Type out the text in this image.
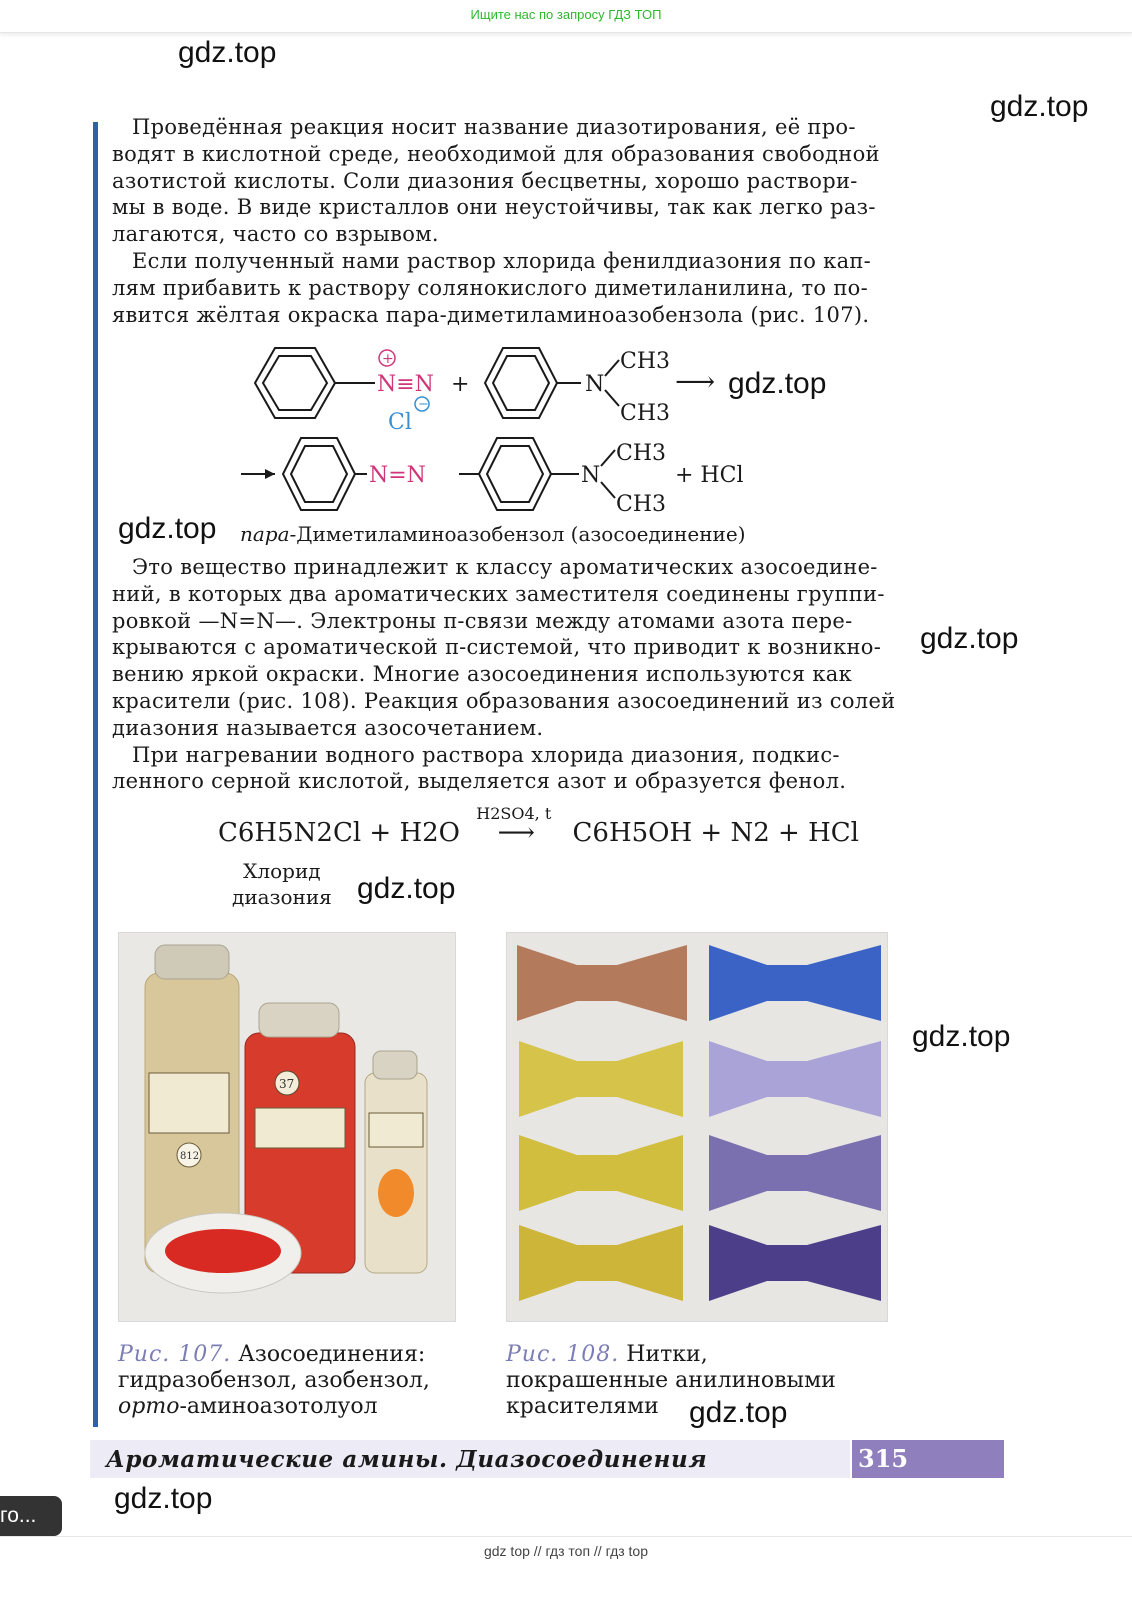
Ищите нас по запросу ГДЗ ТОП
gdz.top
gdz.top
gdz.top
gdz.top
gdz.top
gdz.top
gdz.top
gdz.top
gdz.top
Проведённая реакция носит название диазотирования, её про-
водят в кислотной среде, необходимой для образования свободной
азотистой кислоты. Соли диазония бесцветны, хорошо раствори-
мы в воде. В виде кристаллов они неустойчивы, так как легко раз-
лагаются, часто со взрывом.
Если полученный нами раствор хлорида фенилдиазония по кап-
лям прибавить к раствору солянокислого диметиланилина, то по-
явится жёлтая окраска пара-диметиламиноазобензола (рис. 107).
+
−
N≡N
Cl
+	N
CH3
CH3
⟶
N=N	N
CH3
CH3
+ HCl
пара-Диметиламиноазобензол (азосоединение)
Это вещество принадлежит к классу ароматических азосоедине-
ний, в которых два ароматических заместителя соединены группи-
ровкой —N=N—. Электроны π-связи между атомами азота пере-
крываются с ароматической π-системой, что приводит к возникно-
вению яркой окраски. Многие азосоединения используются как
красители (рис. 108). Реакция образования азосоединений из солей
диазония называется азосочетанием.
При нагревании водного раствора хлорида диазония, подкис-
ленного серной кислотой, выделяется азот и образуется фенол.
C6H5N2Cl + H2O
H2SO4, t
⟶ C6H5OH + N2 + HCl
Хлорид
диазония
812
37
Рис. 107. Азосоединения:
гидразобензол, азобензол,
орто-аминоазотолуол
Рис. 108. Нитки,
покрашенные анилиновыми
красителями
Ароматические амины. Диазосоединения	315
го...
gdz top // гдз топ // гдз top
